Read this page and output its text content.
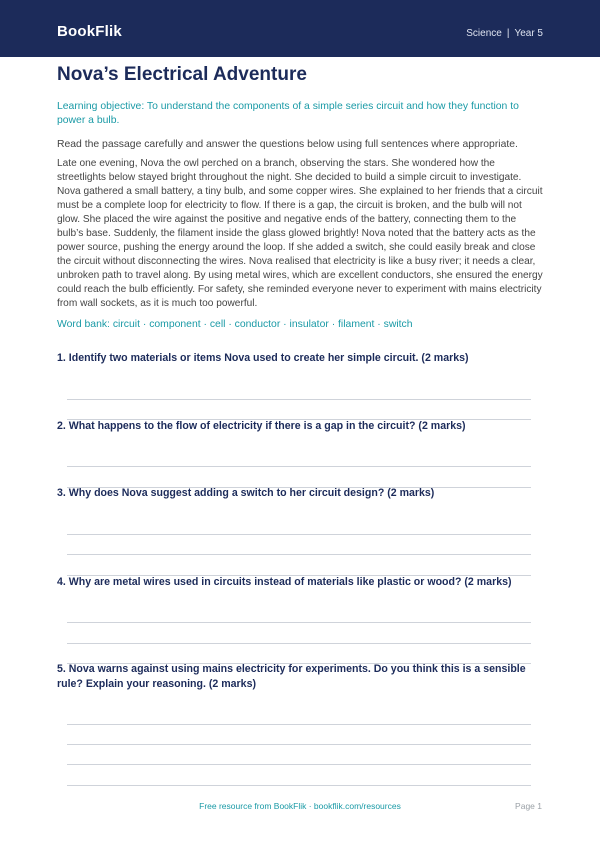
BookFlik	Science | Year 5
Nova’s Electrical Adventure

Learning objective: To understand the components of a simple series circuit and how they function to power a bulb.

Read the passage carefully and answer the questions below using full sentences where appropriate.

Late one evening, Nova the owl perched on a branch, observing the stars. She wondered how the streetlights below stayed bright throughout the night. She decided to build a simple circuit to investigate. Nova gathered a small battery, a tiny bulb, and some copper wires. She explained to her friends that a circuit must be a complete loop for electricity to flow. If there is a gap, the circuit is broken, and the bulb will not glow. She placed the wire against the positive and negative ends of the battery, connecting them to the bulb’s base. Suddenly, the filament inside the glass glowed brightly! Nova noted that the battery acts as the power source, pushing the energy around the loop. If she added a switch, she could easily break and close the circuit without disconnecting the wires. Nova realised that electricity is like a busy river; it needs a clear, unbroken path to travel along. By using metal wires, which are excellent conductors, she ensured the energy could reach the bulb efficiently. For safety, she reminded everyone never to experiment with mains electricity from wall sockets, as it is much too powerful.

Word bank: circuit · component · cell · conductor · insulator · filament · switch

1. Identify two materials or items Nova used to create her simple circuit. (2 marks)

2. What happens to the flow of electricity if there is a gap in the circuit? (2 marks)

3. Why does Nova suggest adding a switch to her circuit design? (2 marks)

4. Why are metal wires used in circuits instead of materials like plastic or wood? (2 marks)

5. Nova warns against using mains electricity for experiments. Do you think this is a sensible rule? Explain your reasoning. (2 marks)

Free resource from BookFlik · bookflik.com/resources	Page 1
